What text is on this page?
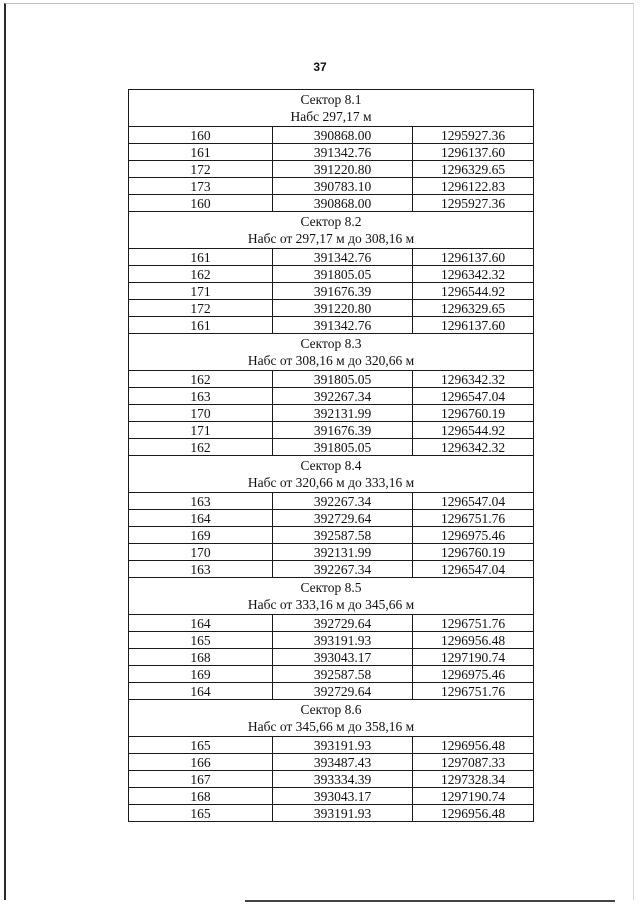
37
Сектор 8.1
Набс 297,17 м		

160	390868.00	1295927.36
161	391342.76	1296137.60
172	391220.80	1296329.65
173	390783.10	1296122.83
160	390868.00	1295927.36

Сектор 8.2
Набс от 297,17 м до 308,16 м		

161	391342.76	1296137.60
162	391805.05	1296342.32
171	391676.39	1296544.92
172	391220.80	1296329.65
161	391342.76	1296137.60

Сектор 8.3
Набс от 308,16 м до 320,66 м		

162	391805.05	1296342.32
163	392267.34	1296547.04
170	392131.99	1296760.19
171	391676.39	1296544.92
162	391805.05	1296342.32

Сектор 8.4
Набс от 320,66 м до 333,16 м		

163	392267.34	1296547.04
164	392729.64	1296751.76
169	392587.58	1296975.46
170	392131.99	1296760.19
163	392267.34	1296547.04

Сектор 8.5
Набс от 333,16 м до 345,66 м		

164	392729.64	1296751.76
165	393191.93	1296956.48
168	393043.17	1297190.74
169	392587.58	1296975.46
164	392729.64	1296751.76

Сектор 8.6
Набс от 345,66 м до 358,16 м		

165	393191.93	1296956.48
166	393487.43	1297087.33
167	393334.39	1297328.34
168	393043.17	1297190.74
165	393191.93	1296956.48
